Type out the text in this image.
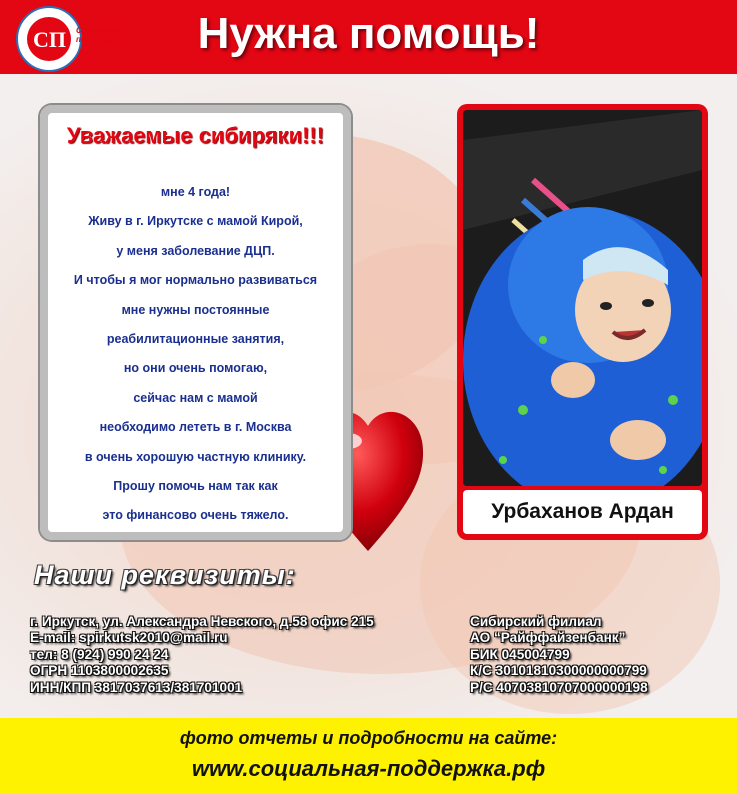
СП Социальная поддержка	Нужна помощь!
Уважаемые сибиряки!!!
мне 4 года!
Живу в г. Иркутске с мамой Кирой,
у меня заболевание ДЦП.
И чтобы я мог нормально развиваться
мне нужны постоянные
реабилитационные занятия,
но они очень помогаю,
сейчас нам с мамой
необходимо лететь в г. Москва
в очень хорошую частную клинику.
Прошу помочь нам так как
это финансово очень тяжело.	Урбаханов Ардан
Наши реквизиты:
г. Иркутск, ул. Александра Невского, д.58 офис 215
E-mail: spirkutsk2010@mail.ru
тел: 8 (924) 990 24 24
ОГРН 1103800002635
ИНН/КПП 3817037613/381701001
Сибирский филиал
АО “Райффайзенбанк”
БИК 045004799
К/С 30101810300000000799
Р/С 40703810707000000198
фото отчеты и подробности на сайте:
www.социальная-поддержка.рф
